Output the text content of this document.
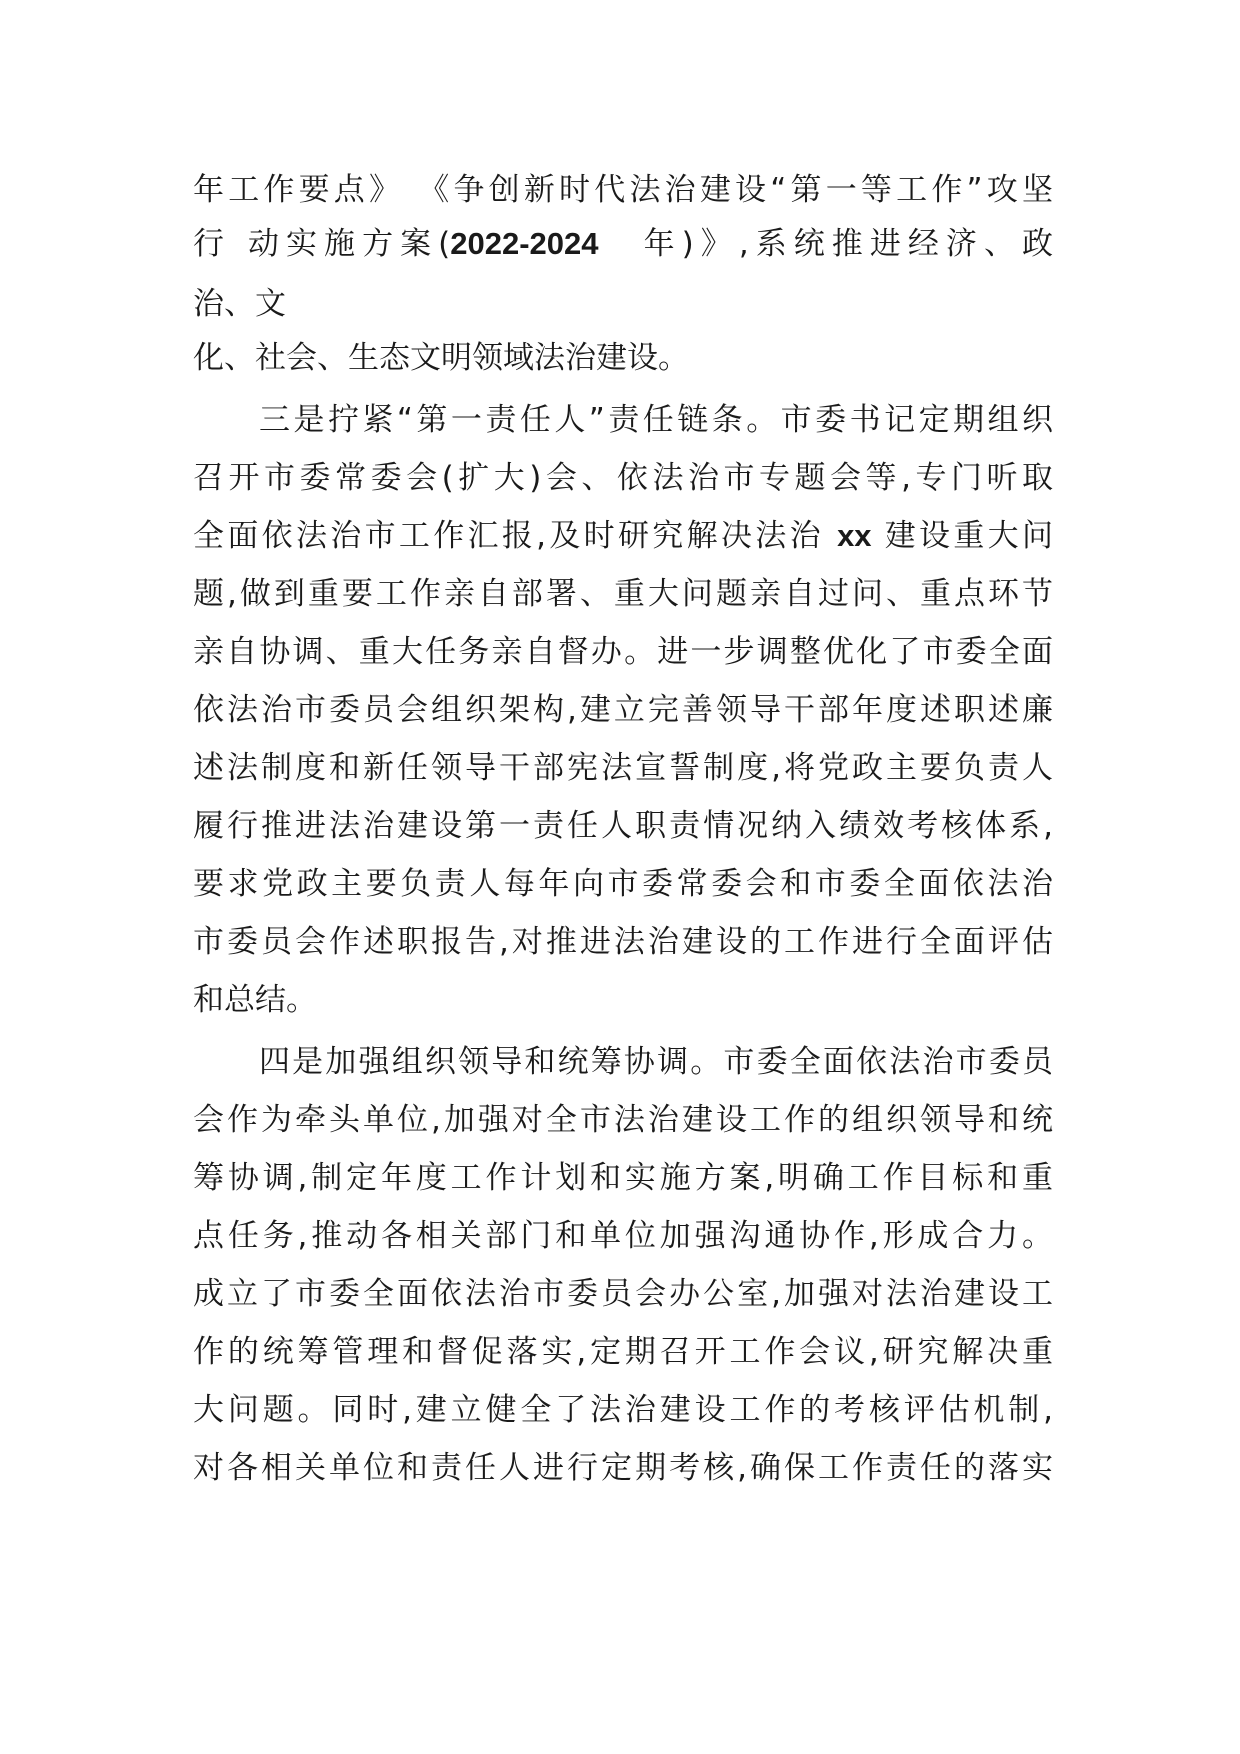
年工作要点》 《争创新时代法治建设“第一等工作”攻坚
行 动实施方案(2022-2024　 年)》,系统推进经济、政
治、文
化、社会、生态文明领域法治建设。
三是拧紧“第一责任人”责任链条。市委书记定期组织
召开市委常委会(扩大)会、依法治市专题会等,专门听取
全面依法治市工作汇报,及时研究解决法治 xx 建设重大问
题,做到重要工作亲自部署、重大问题亲自过问、重点环节
亲自协调、重大任务亲自督办。进一步调整优化了市委全面
依法治市委员会组织架构,建立完善领导干部年度述职述廉
述法制度和新任领导干部宪法宣誓制度,将党政主要负责人
履行推进法治建设第一责任人职责情况纳入绩效考核体系,
要求党政主要负责人每年向市委常委会和市委全面依法治
市委员会作述职报告,对推进法治建设的工作进行全面评估
和总结。
四是加强组织领导和统筹协调。市委全面依法治市委员
会作为牵头单位,加强对全市法治建设工作的组织领导和统
筹协调,制定年度工作计划和实施方案,明确工作目标和重
点任务,推动各相关部门和单位加强沟通协作,形成合力。
成立了市委全面依法治市委员会办公室,加强对法治建设工
作的统筹管理和督促落实,定期召开工作会议,研究解决重
大问题。同时,建立健全了法治建设工作的考核评估机制,
对各相关单位和责任人进行定期考核,确保工作责任的落实
